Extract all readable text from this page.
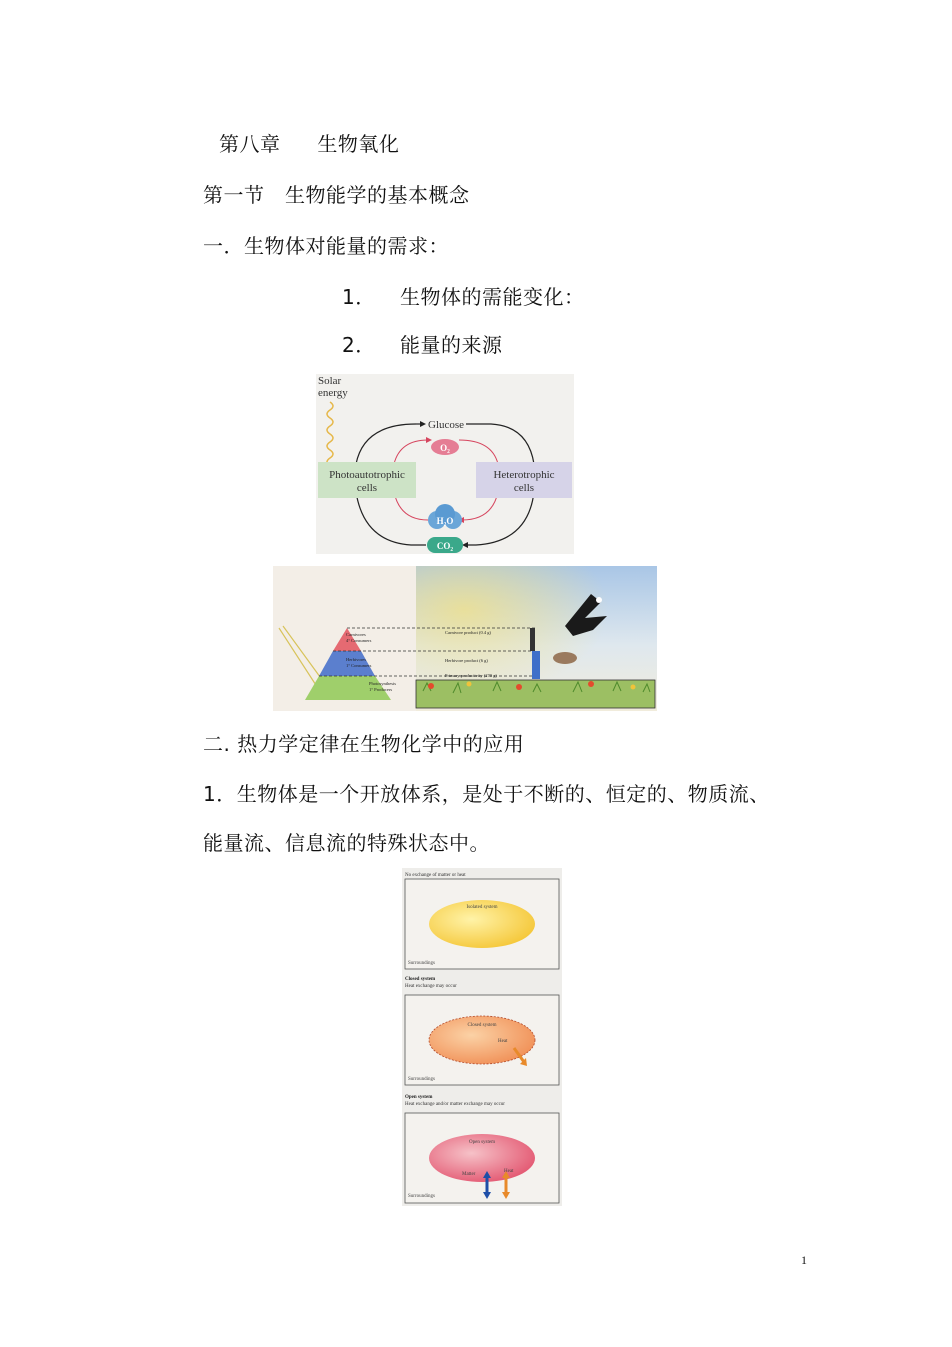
第八章 生物氧化
第一节　生物能学的基本概念
一．生物体对能量的需求：
1． 生物体的需能变化：
2． 能量的来源
Solar
energy
Glucose
O₂
Photoautotrophic
cells
Heterotrophic
cells
H₂O
CO₂
Carnivores
4° Consumers
Herbivores
1° Consumers
Photosynthesis
1° Producers
Carnivore product (0.4 g)
Herbivore product (6 g)
Primary productivity (270 g)
二. 热力学定律在生物化学中的应用
1．生物体是一个开放体系，是处于不断的、恒定的、物质流、
能量流、信息流的特殊状态中。
No exchange of matter or heat
Isolated system
Surroundings
Closed system
Heat exchange may occur
Closed system
Heat
Surroundings
Open system
Heat exchange and/or matter exchange may occur
Open system
Matter
Heat
Surroundings
1
